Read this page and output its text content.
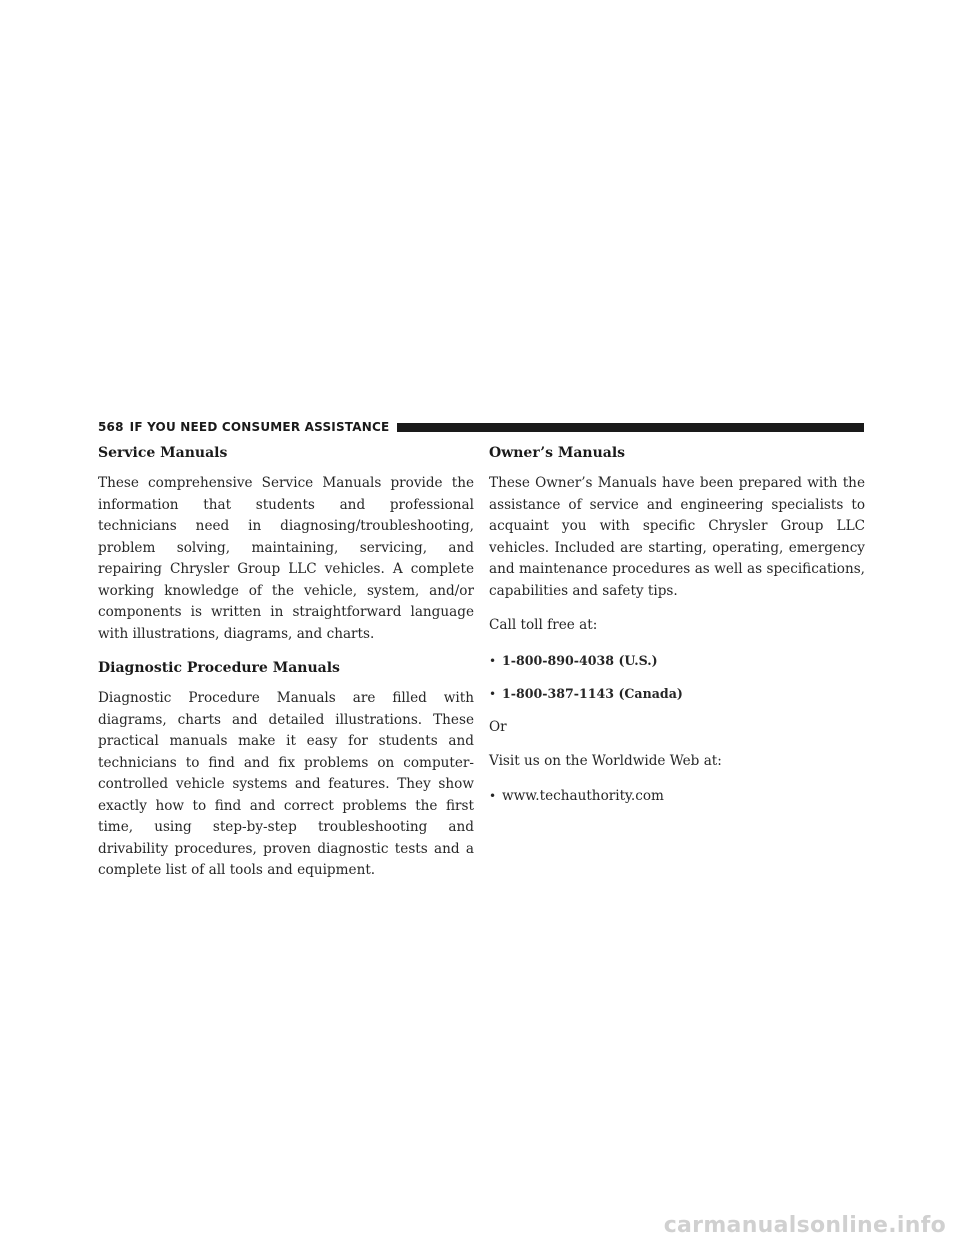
568 IF YOU NEED CONSUMER ASSISTANCE
Service Manuals

These comprehensive Service Manuals provide the information that students and professional technicians need in diagnosing/troubleshooting, problem solving, maintaining, servicing, and repairing Chrysler Group LLC vehicles. A complete working knowledge of the vehicle, system, and/or components is written in straightforward language with illustrations, diagrams, and charts.

Diagnostic Procedure Manuals

Diagnostic Procedure Manuals are filled with diagrams, charts and detailed illustrations. These practical manuals make it easy for students and technicians to find and fix problems on computer-controlled vehicle systems and features. They show exactly how to find and correct problems the first time, using step-by-step troubleshooting and drivability procedures, proven diagnostic tests and a complete list of all tools and equipment.

Owner’s Manuals

These Owner’s Manuals have been prepared with the assistance of service and engineering specialists to acquaint you with specific Chrysler Group LLC vehicles. Included are starting, operating, emergency and maintenance procedures as well as specifications, capabilities and safety tips.

Call toll free at:

• 1-800-890-4038 (U.S.)
• 1-800-387-1143 (Canada)

Or

Visit us on the Worldwide Web at:

• www.techauthority.com
carmanualsonline.info
